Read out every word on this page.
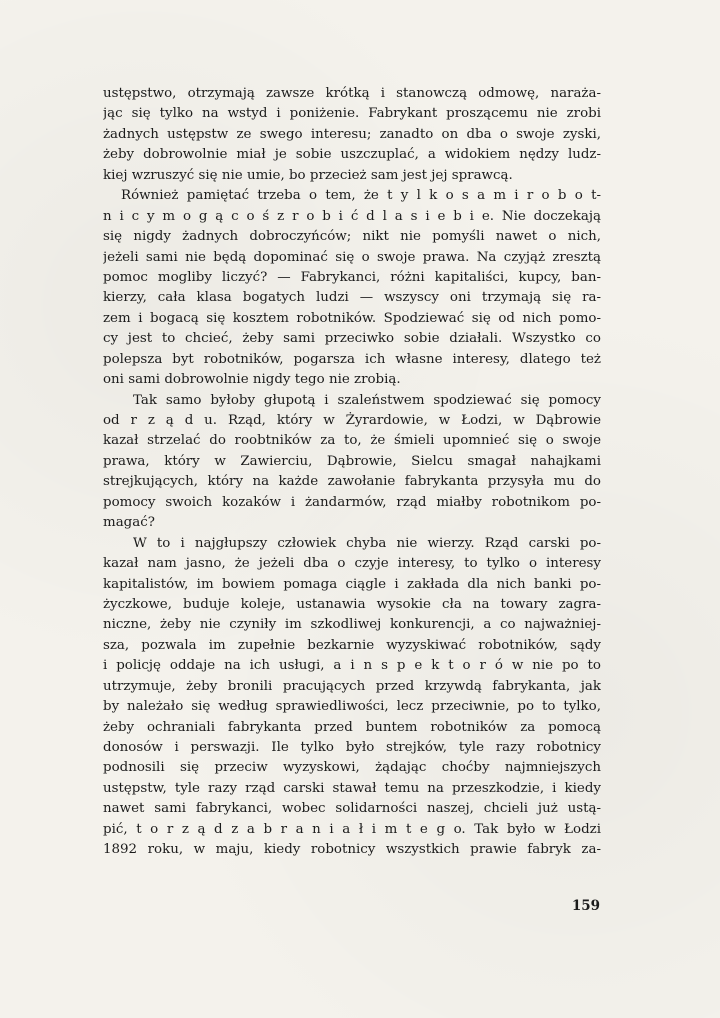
ustępstwo, otrzymają zawsze krótką i stanowczą odmowę, naraża-
jąc się tylko na wstyd i poniżenie. Fabrykant proszącemu nie zrobi
żadnych ustępstw ze swego interesu; zanadto on dba o swoje zyski,
żeby dobrowolnie miał je sobie uszczuplać, a widokiem nędzy ludz-
kiej wzruszyć się nie umie, bo przecież sam jest jej sprawcą.
Również pamiętać trzeba o tem, że t y l k o s a m i r o b o t-
n i c y m o g ą c o ś z r o b i ć d l a s i e b i e. Nie doczekają
się nigdy żadnych dobroczyńców; nikt nie pomyśli nawet o nich,
jeżeli sami nie będą dopominać się o swoje prawa. Na czyjąż zresztą
pomoc mogliby liczyć? — Fabrykanci, różni kapitaliści, kupcy, ban-
kierzy, cała klasa bogatych ludzi — wszyscy oni trzymają się ra-
zem i bogacą się kosztem robotników. Spodziewać się od nich pomo-
cy jest to chcieć, żeby sami przeciwko sobie działali. Wszystko co
polepsza byt robotników, pogarsza ich własne interesy, dlatego też
oni sami dobrowolnie nigdy tego nie zrobią.
Tak samo byłoby głupotą i szaleństwem spodziewać się pomocy
od r z ą d u. Rząd, który w Żyrardowie, w Łodzi, w Dąbrowie
kazał strzelać do roobtników za to, że śmieli upomnieć się o swoje
prawa, który w Zawierciu, Dąbrowie, Sielcu smagał nahajkami
strejkujących, który na każde zawołanie fabrykanta przysyła mu do
pomocy swoich kozaków i żandarmów, rząd miałby robotnikom po-
magać?
W to i najgłupszy człowiek chyba nie wierzy. Rząd carski po-
kazał nam jasno, że jeżeli dba o czyje interesy, to tylko o interesy
kapitalistów, im bowiem pomaga ciągle i zakłada dla nich banki po-
życzkowe, buduje koleje, ustanawia wysokie cła na towary zagra-
niczne, żeby nie czyniły im szkodliwej konkurencji, a co najważniej-
sza, pozwala im zupełnie bezkarnie wyzyskiwać robotników, sądy
i policję oddaje na ich usługi, a i n s p e k t o r ó w nie po to
utrzymuje, żeby bronili pracujących przed krzywdą fabrykanta, jak
by należało się według sprawiedliwości, lecz przeciwnie, po to tylko,
żeby ochraniali fabrykanta przed buntem robotników za pomocą
donosów i perswazji. Ile tylko było strejków, tyle razy robotnicy
podnosili się przeciw wyzyskowi, żądając choćby najmniejszych
ustępstw, tyle razy rząd carski stawał temu na przeszkodzie, i kiedy
nawet sami fabrykanci, wobec solidarności naszej, chcieli już ustą-
pić, t o r z ą d z a b r a n i a ł i m t e g o. Tak było w Łodzi
1892 roku, w maju, kiedy robotnicy wszystkich prawie fabryk za-
159
